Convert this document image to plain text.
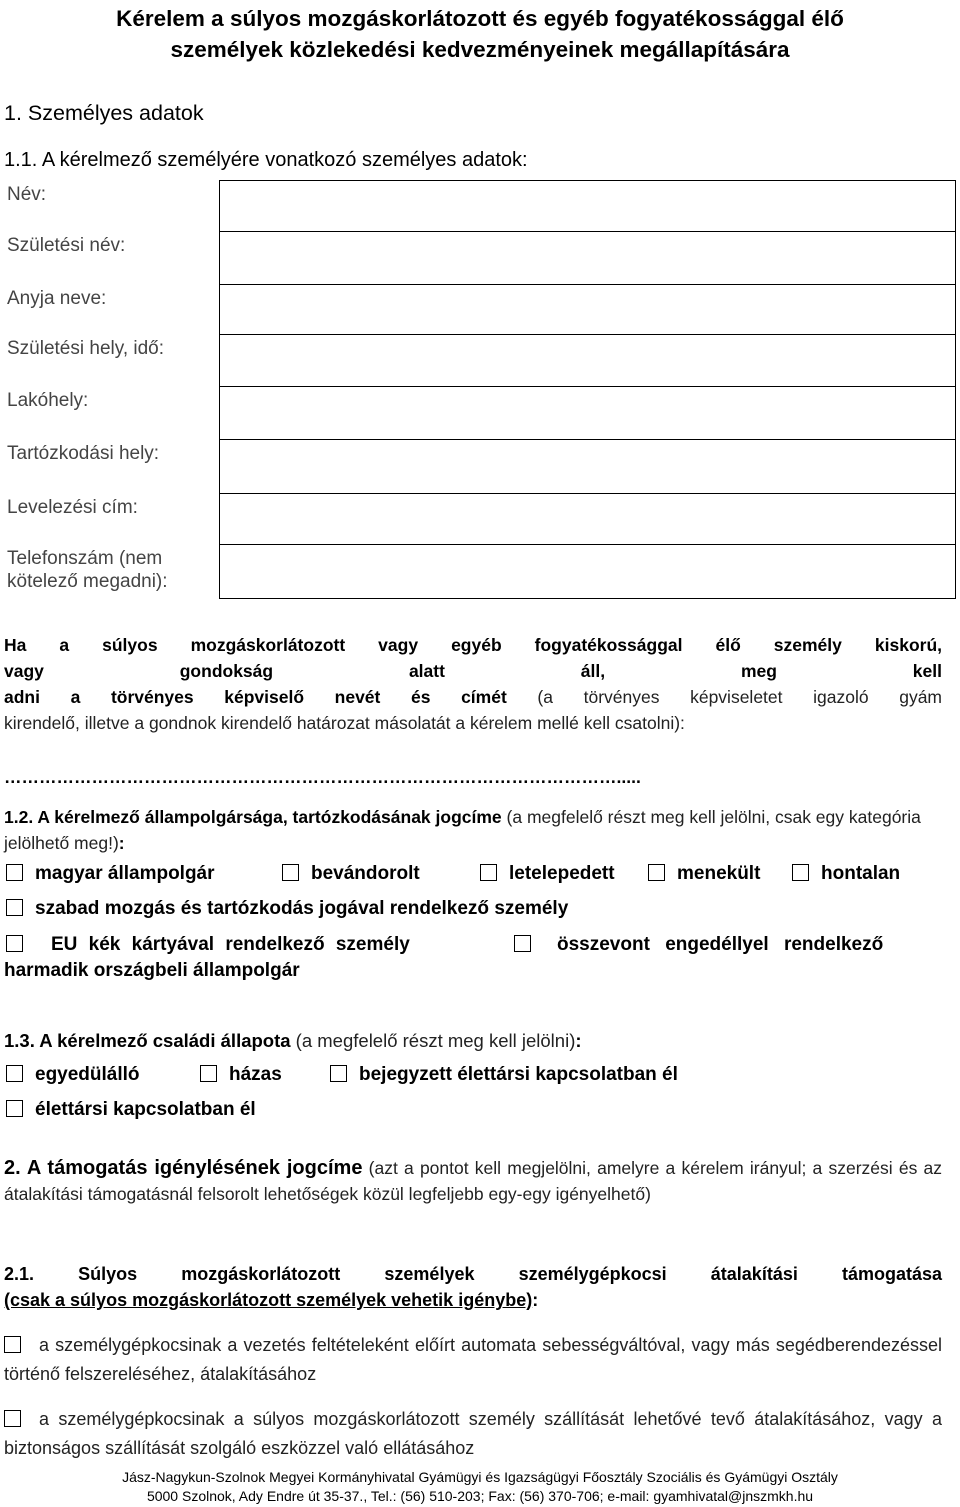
Kérelem a súlyos mozgáskorlátozott és egyéb fogyatékossággal élő
személyek közlekedési kedvezményeinek megállapítására
1. Személyes adatok
1.1. A kérelmező személyére vonatkozó személyes adatok:
Név:	
Születési név:	
Anyja neve:	
Születési hely, idő:	
Lakóhely:	
Tartózkodási hely:	
Levelezési cím:	
Telefonszám (nem kötelező megadni):	
Ha a súlyos mozgáskorlátozott vagy egyéb fogyatékossággal élő személy kiskorú,
vagy gondokság alatt áll, meg kell
adni a törvényes képviselő nevét és címét (a törvényes képviseletet igazoló gyám
kirendelő, illetve a gondnok kirendelő határozat másolatát a kérelem mellé kell csatolni):
…………………………………………………………………………………………….....
1.2. A kérelmező állampolgársága, tartózkodásának jogcíme (a megfelelő részt meg kell jelölni, csak egy kategória jelölhető meg!):
magyar állampolgár	bevándorolt	letelepedett	menekült	hontalan
szabad mozgás és tartózkodás jogával rendelkező személy
EU kék kártyával rendelkező személy	összevont engedéllyel rendelkező
harmadik országbeli állampolgár
1.3. A kérelmező családi állapota (a megfelelő részt meg kell jelölni):
egyedülálló	házas	bejegyzett élettársi kapcsolatban él
élettársi kapcsolatban él
2. A támogatás igénylésének jogcíme (azt a pontot kell megjelölni, amelyre a kérelem irányul; a szerzési és az átalakítási támogatásnál felsorolt lehetőségek közül legfeljebb egy-egy igényelhető)
2.1. Súlyos mozgáskorlátozott személyek személygépkocsi átalakítási támogatása
(csak a súlyos mozgáskorlátozott személyek vehetik igénybe):
a személygépkocsinak a vezetés feltételeként előírt automata sebességváltóval, vagy más segédberendezéssel történő felszereléséhez, átalakításához
a személygépkocsinak a súlyos mozgáskorlátozott személy szállítását lehetővé tevő átalakításához, vagy a biztonságos szállítását szolgáló eszközzel való ellátásához
Jász-Nagykun-Szolnok Megyei Kormányhivatal Gyámügyi és Igazságügyi Főosztály Szociális és Gyámügyi Osztály
5000 Szolnok, Ady Endre út 35-37., Tel.: (56) 510-203; Fax: (56) 370-706; e-mail: gyamhivatal@jnszmkh.hu
